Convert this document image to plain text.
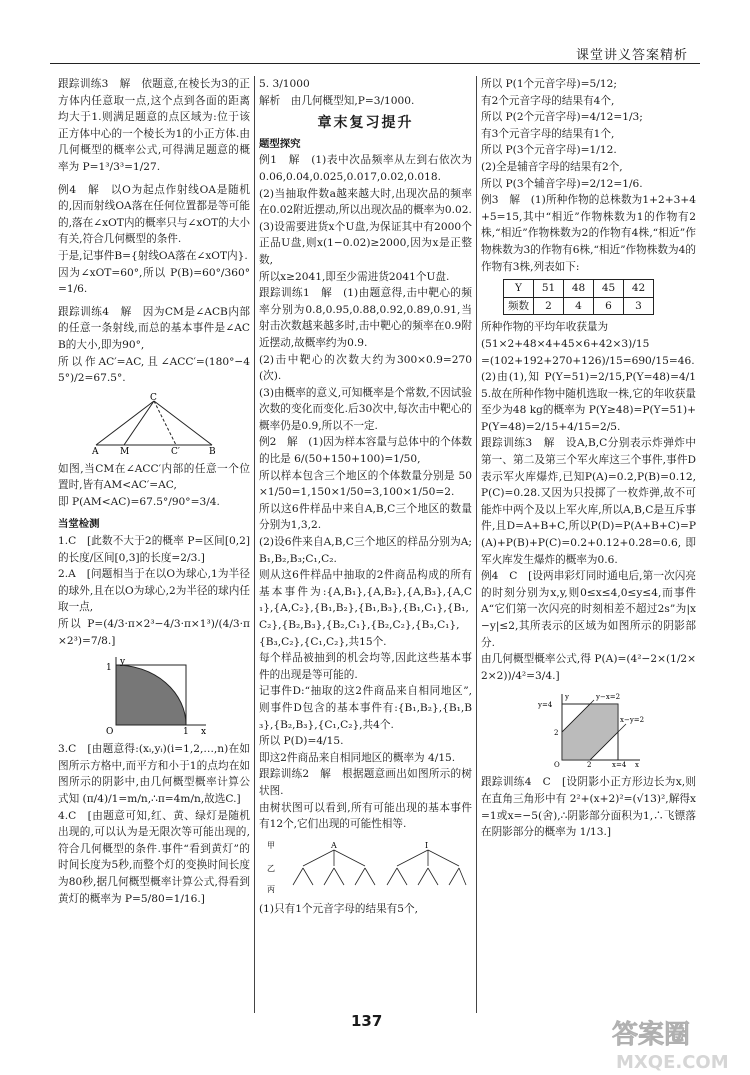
课堂讲义答案精析

跟踪训练3　解　依题意,在棱长为3的正方体内任意取一点,这个点到各面的距离均大于1.则满足题意的点区域为:位于该正方体中心的一个棱长为1的小正方体.由几何概型的概率公式,可得满足题意的概率为 P=1³/3³=1/27.

例4　解　以O为起点作射线OA是随机的,因而射线OA落在任何位置都是等可能的,落在∠xOT内的概率只与∠xOT的大小有关,符合几何概型的条件.

于是,记事件B={射线OA落在∠xOT内}.

因为∠xOT=60°,所以 P(B)=60°/360°=1/6.

跟踪训练4　解　因为CM是∠ACB内部的任意一条射线,而总的基本事件是∠ACB的大小,即为90°,

所以作AC′=AC,且∠ACC′=(180°−45°)/2=67.5°.

C
A M	C′	B

如图,当CM在∠ACC′内部的任意一个位置时,皆有AM<AC′=AC,

即 P(AM<AC)=67.5°/90°=3/4.

当堂检测

1.C　[此数不大于2的概率 P=区间[0,2]的长度/区间[0,3]的长度=2/3.]

2.A　[问题相当于在以O为球心,1为半径的球外,且在以O为球心,2为半径的球内任取一点,

所以 P=(4/3·π×2³−4/3·π×1³)/(4/3·π×2³)=7/8.]

y
x
1
1
O

3.C　[由题意得:(xᵢ,yᵢ)(i=1,2,…,n)在如图所示方格中,而平方和小于1的点均在如图所示的阴影中,由几何概型概率计算公式知 (π/4)/1=m/n,∴π=4m/n,故选C.]

4.C　[由题意可知,红、黄、绿灯是随机出现的,可以认为是无限次等可能出现的,符合几何概型的条件.事件“看到黄灯”的时间长度为5秒,而整个灯的变换时间长度为80秒,据几何概型概率计算公式,得看到黄灯的概率为 P=5/80=1/16.]

5. 3/1000

解析　由几何概型知,P=3/1000.

章末复习提升

题型探究

例1　解　(1)表中次品频率从左到右依次为 0.06,0.04,0.025,0.017,0.02,0.018.

(2)当抽取件数a越来越大时,出现次品的频率在0.02附近摆动,所以出现次品的概率为0.02.

(3)设需要进货x个U盘,为保证其中有2000个正品U盘,则x(1−0.02)≥2000,因为x是正整数,

所以x≥2041,即至少需进货2041个U盘.

跟踪训练1　解　(1)由题意得,击中靶心的频率分别为0.8,0.95,0.88,0.92,0.89,0.91,当射击次数越来越多时,击中靶心的频率在0.9附近摆动,故概率约为0.9.

(2)击中靶心的次数大约为300×0.9=270(次).

(3)由概率的意义,可知概率是个常数,不因试验次数的变化而变化.后30次中,每次击中靶心的概率仍是0.9,所以不一定.

例2　解　(1)因为样本容量与总体中的个体数的比是 6/(50+150+100)=1/50,

所以样本包含三个地区的个体数量分别是 50×1/50=1,150×1/50=3,100×1/50=2.

所以这6件样品中来自A,B,C三个地区的数量分别为1,3,2.

(2)设6件来自A,B,C三个地区的样品分别为A;B₁,B₂,B₃;C₁,C₂.

则从这6件样品中抽取的2件商品构成的所有基本事件为:{A,B₁},{A,B₂},{A,B₃},{A,C₁},{A,C₂},{B₁,B₂},{B₁,B₃},{B₁,C₁},{B₁,C₂},{B₂,B₃},{B₂,C₁},{B₂,C₂},{B₃,C₁},{B₃,C₂},{C₁,C₂},共15个.

每个样品被抽到的机会均等,因此这些基本事件的出现是等可能的.

记事件D:“抽取的这2件商品来自相同地区”,则事件D包含的基本事件有:{B₁,B₂},{B₁,B₃},{B₂,B₃},{C₁,C₂},共4个.

所以 P(D)=4/15.

即这2件商品来自相同地区的概率为 4/15.

跟踪训练2　解　根据题意画出如图所示的树状图.

由树状图可以看到,所有可能出现的基本事件有12个,它们出现的可能性相等.

甲
乙
丙
A	I

(1)只有1个元音字母的结果有5个,

所以 P(1个元音字母)=5/12;

有2个元音字母的结果有4个,

所以 P(2个元音字母)=4/12=1/3;

有3个元音字母的结果有1个,

所以 P(3个元音字母)=1/12.

(2)全是辅音字母的结果有2个,

所以 P(3个辅音字母)=2/12=1/6.

例3　解　(1)所种作物的总株数为1+2+3+4+5=15,其中“相近”作物株数为1的作物有2株,“相近”作物株数为2的作物有4株,“相近”作物株数为3的作物有6株,“相近”作物株数为4的作物有3株,列表如下:

Y	51	48	45	42
频数	2	4	6	3

所种作物的平均年收获量为

(51×2+48×4+45×6+42×3)/15

=(102+192+270+126)/15=690/15=46.

(2)由(1),知 P(Y=51)=2/15,P(Y=48)=4/15.故在所种作物中随机选取一株,它的年收获量至少为48 kg的概率为 P(Y≥48)=P(Y=51)+P(Y=48)=2/15+4/15=2/5.

跟踪训练3　解　设A,B,C分别表示炸弹炸中第一、第二及第三个军火库这三个事件,事件D表示军火库爆炸,已知P(A)=0.2,P(B)=0.12,P(C)=0.28.又因为只投掷了一枚炸弹,故不可能炸中两个及以上军火库,所以A,B,C是互斥事件,且D=A+B+C,所以P(D)=P(A+B+C)=P(A)+P(B)+P(C)=0.2+0.12+0.28=0.6,即军火库发生爆炸的概率为0.6.

例4　C　[设两串彩灯同时通电后,第一次闪亮的时刻分别为x,y,则0≤x≤4,0≤y≤4,而事件A“它们第一次闪亮的时刻相差不超过2s”为|x−y|≤2,其所表示的区域为如图所示的阴影部分.

由几何概型概率公式,得 P(A)=(4²−2×(1/2×2×2))/4²=3/4.]

y
x
y=4
x=4
y−x=2
x−y=2
O
2
2

跟踪训练4　C　[设阴影小正方形边长为x,则在直角三角形中有 2²+(x+2)²=(√13)²,解得x=1或x=−5(舍),∴阴影部分面积为1,∴飞镖落在阴影部分的概率为 1/13.]

137	答案圈
MXQE.COM
